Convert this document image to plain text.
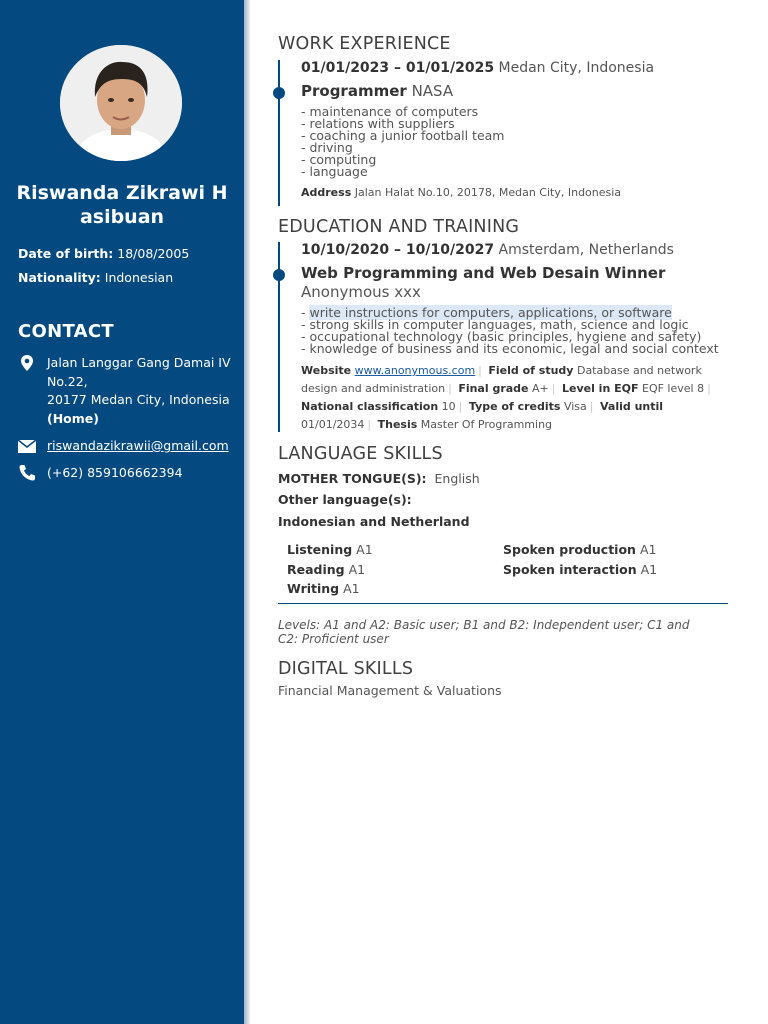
Riswanda Zikrawi H asibuan
Date of birth: 18/08/2005
Nationality: Indonesian
CONTACT
Jalan Langgar Gang Damai IV No.22,
20177 Medan City, Indonesia
(Home)
riswandazikrawii@gmail.com
(+62) 859106662394
WORK EXPERIENCE
01/01/2023 – 01/01/2025 Medan City, Indonesia
Programmer NASA
- maintenance of computers
- relations with suppliers
- coaching a junior football team
- driving
- computing
- language
Address Jalan Halat No.10, 20178, Medan City, Indonesia
EDUCATION AND TRAINING
10/10/2020 – 10/10/2027 Amsterdam, Netherlands
Web Programming and Web Desain Winner Anonymous xxx
- write instructions for computers, applications, or software
- strong skills in computer languages, math, science and logic
- occupational technology (basic principles, hygiene and safety)
- knowledge of business and its economic, legal and social context
Website www.anonymous.com | Field of study Database and network design and administration | Final grade A+ | Level in EQF EQF level 8 | National classification 10 | Type of credits Visa | Valid until 01/01/2034 | Thesis Master Of Programming
LANGUAGE SKILLS
MOTHER TONGUE(S): English
Other language(s):
Indonesian and Netherland
Listening A1
Reading A1
Writing A1
Spoken production A1
Spoken interaction A1
Levels: A1 and A2: Basic user; B1 and B2: Independent user; C1 and C2: Proficient user
DIGITAL SKILLS
Financial Management & Valuations
